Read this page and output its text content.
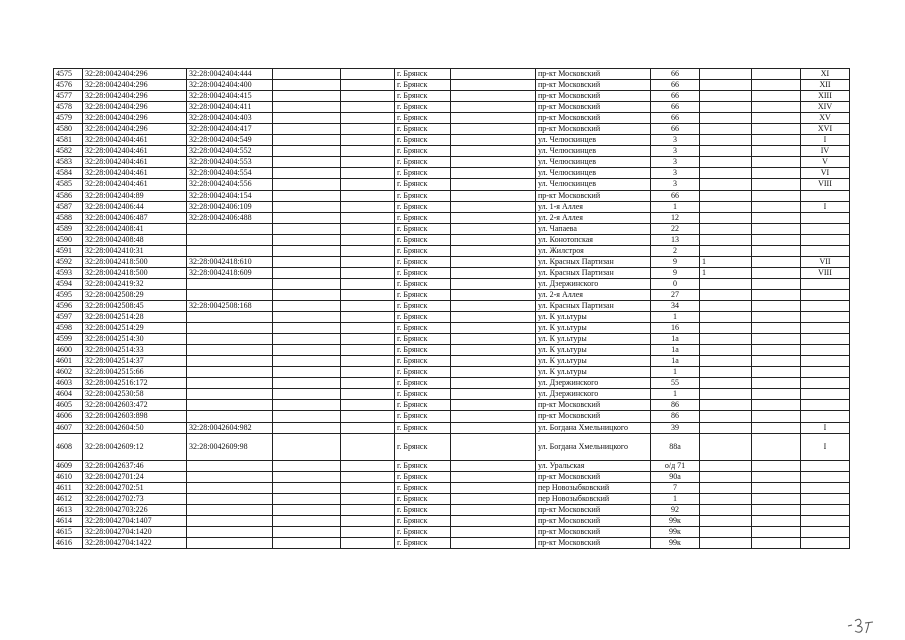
4575	32:28:0042404:296	32:28:0042404:444			г. Брянск		пр-кт Московский	66			XI
4576	32:28:0042404:296	32:28:0042404:400			г. Брянск		пр-кт Московский	66			XII
4577	32:28:0042404:296	32:28:0042404:415			г. Брянск		пр-кт Московский	66			XIII
4578	32:28:0042404:296	32:28:0042404:411			г. Брянск		пр-кт Московский	66			XIV
4579	32:28:0042404:296	32:28:0042404:403			г. Брянск		пр-кт Московский	66			XV
4580	32:28:0042404:296	32:28:0042404:417			г. Брянск		пр-кт Московский	66			XVI
4581	32:28:0042404:461	32:28:0042404:549			г. Брянск		ул. Челюскинцев	3			I
4582	32:28:0042404:461	32:28:0042404:552			г. Брянск		ул. Челюскинцев	3			IV
4583	32:28:0042404:461	32:28:0042404:553			г. Брянск		ул. Челюскинцев	3			V
4584	32:28:0042404:461	32:28:0042404:554			г. Брянск		ул. Челюскинцев	3			VI
4585	32:28:0042404:461	32:28:0042404:556			г. Брянск		ул. Челюскинцев	3			VIII
4586	32:28:0042404:89	32:28:0042404:154			г. Брянск		пр-кт Московский	66			
4587	32:28:0042406:44	32:28:0042406:109			г. Брянск		ул. 1-я Аллея	1			I
4588	32:28:0042406:487	32:28:0042406:488			г. Брянск		ул. 2-я Аллея	12			
4589	32:28:0042408:41				г. Брянск		ул. Чапаева	22			
4590	32:28:0042408:48				г. Брянск		ул. Конотопская	13			
4591	32:28:0042410:31				г. Брянск		ул. Жилстроя	2			
4592	32:28:0042418:500	32:28:0042418:610			г. Брянск		ул. Красных Партизан	9	1		VII
4593	32:28:0042418:500	32:28:0042418:609			г. Брянск		ул. Красных Партизан	9	1		VIII
4594	32:28:0042419:32				г. Брянск		ул. Дзержинского	0			
4595	32:28:0042508:29				г. Брянск		ул. 2-я Аллея	27			
4596	32:28:0042508:45	32:28:0042508:168			г. Брянск		ул. Красных Партизан	34			
4597	32:28:0042514:28				г. Брянск		ул. К ул.ьтуры	1			
4598	32:28:0042514:29				г. Брянск		ул. К ул.ьтуры	16			
4599	32:28:0042514:30				г. Брянск		ул. К ул.ьтуры	1а			
4600	32:28:0042514:33				г. Брянск		ул. К ул.ьтуры	1а			
4601	32:28:0042514:37				г. Брянск		ул. К ул.ьтуры	1а			
4602	32:28:0042515:66				г. Брянск		ул. К ул.ьтуры	1			
4603	32:28:0042516:172				г. Брянск		ул. Дзержинского	55			
4604	32:28:0042530:58				г. Брянск		ул. Дзержинского	1			
4605	32:28:0042603:472				г. Брянск		пр-кт Московский	86			
4606	32:28:0042603:898				г. Брянск		пр-кт Московский	86			
4607	32:28:0042604:50	32:28:0042604:982			г. Брянск		ул. Богдана Хмельницкого	39			I
4608	32:28:0042609:12	32:28:0042609:98			г. Брянск		ул. Богдана Хмельницкого	88а			I
4609	32:28:0042637:46				г. Брянск		ул. Уральская	о/д 71			
4610	32:28:0042701:24				г. Брянск		пр-кт Московский	90а			
4611	32:28:0042702:51				г. Брянск		пер Новозыбковский	7			
4612	32:28:0042702:73				г. Брянск		пер Новозыбковский	1			
4613	32:28:0042703:226				г. Брянск		пр-кт Московский	92			
4614	32:28:0042704:1407				г. Брянск		пр-кт Московский	99к			
4615	32:28:0042704:1420				г. Брянск		пр-кт Московский	99к			
4616	32:28:0042704:1422				г. Брянск		пр-кт Московский	99к			
